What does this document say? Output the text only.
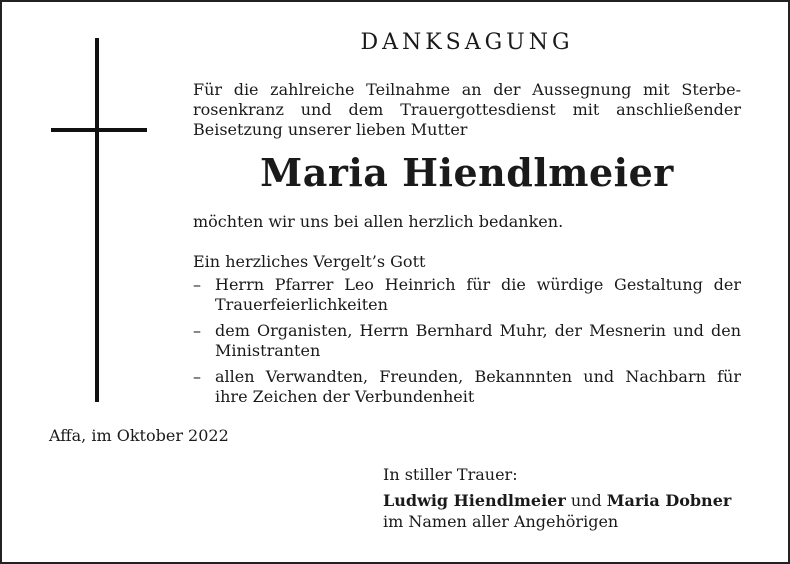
DANKSAGUNG
Für die zahlreiche Teilnahme an der Aussegnung mit Sterbe-
rosenkranz und dem Trauergottesdienst mit anschließender
Beisetzung unserer lieben Mutter
Maria Hiendlmeier
möchten wir uns bei allen herzlich bedanken.
Ein herzliches Vergelt’s Gott
– Herrn Pfarrer Leo Heinrich für die würdige Gestaltung der Trauerfeierlichkeiten
– dem Organisten, Herrn Bernhard Muhr, der Mesnerin und den Ministranten
– allen Verwandten, Freunden, Bekannnten und Nachbarn für ihre Zeichen der Verbundenheit
Affa, im Oktober 2022
In stiller Trauer:
Ludwig Hiendlmeier und Maria Dobner
im Namen aller Angehörigen
